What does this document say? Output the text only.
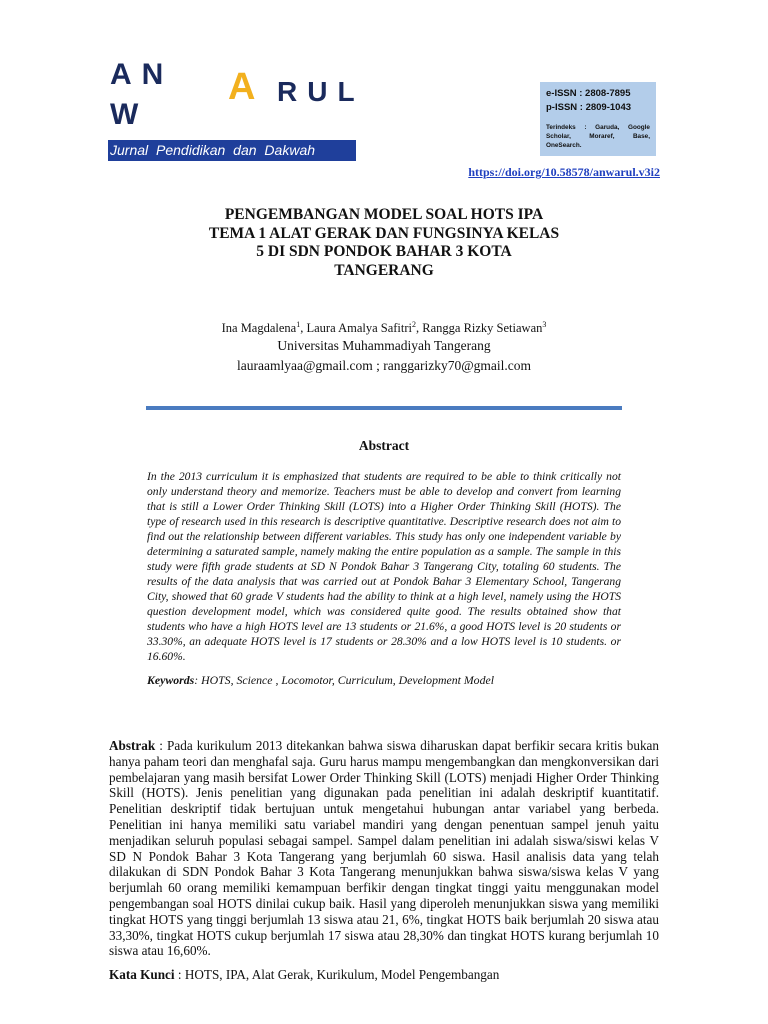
AN
W
A RUL
Jurnal Pendidikan dan Dakwah
e-ISSN : 2808-7895
p-ISSN : 2809-1043
Terindeks : Garuda, Google Scholar, Moraref, Base, OneSearch.
https://doi.org/10.58578/anwarul.v3i2
PENGEMBANGAN MODEL SOAL HOTS IPA
TEMA 1 ALAT GERAK DAN FUNGSINYA KELAS
5 DI SDN PONDOK BAHAR 3 KOTA
TANGERANG
Ina Magdalena$^1$, Laura Amalya Safitri$^2$, Rangga Rizky Setiawan$^3$
Universitas Muhammadiyah Tangerang
lauraamlyaa@gmail.com ; ranggarizky70@gmail.com
Abstract
In the 2013 curriculum it is emphasized that students are required to be able to think critically not only understand theory and memorize. Teachers must be able to develop and convert from learning that is still a Lower Order Thinking Skill (LOTS) into a Higher Order Thinking Skill (HOTS). The type of research used in this research is descriptive quantitative. Descriptive research does not aim to find out the relationship between different variables. This study has only one independent variable by determining a saturated sample, namely making the entire population as a sample. The sample in this study were fifth grade students at SD N Pondok Bahar 3 Tangerang City, totaling 60 students. The results of the data analysis that was carried out at Pondok Bahar 3 Elementary School, Tangerang City, showed that 60 grade V students had the ability to think at a high level, namely using the HOTS question development model, which was considered quite good. The results obtained show that students who have a high HOTS level are 13 students or 21.6%, a good HOTS level is 20 students or 33.30%, an adequate HOTS level is 17 students or 28.30% and a low HOTS level is 10 students. or 16.60%.
Keywords: HOTS, Science , Locomotor, Curriculum, Development Model
Abstrak : Pada kurikulum 2013 ditekankan bahwa siswa diharuskan dapat berfikir secara kritis bukan hanya paham teori dan menghafal saja. Guru harus mampu mengembangkan dan mengkonversikan dari pembelajaran yang masih bersifat Lower Order Thinking Skill (LOTS) menjadi Higher Order Thinking Skill (HOTS). Jenis penelitian yang digunakan pada penelitian ini adalah deskriptif kuantitatif. Penelitian deskriptif tidak bertujuan untuk mengetahui hubungan antar variabel yang berbeda. Penelitian ini hanya memiliki satu variabel mandiri yang dengan penentuan sampel jenuh yaitu menjadikan seluruh populasi sebagai sampel. Sampel dalam penelitian ini adalah siswa/siswi kelas V SD N Pondok Bahar 3 Kota Tangerang yang berjumlah 60 siswa. Hasil analisis data yang telah dilakukan di SDN Pondok Bahar 3 Kota Tangerang menunjukkan bahwa siswa/siswa kelas V yang berjumlah 60 orang memiliki kemampuan berfikir dengan tingkat tinggi yaitu menggunakan model pengembangan soal HOTS dinilai cukup baik. Hasil yang diperoleh menunjukkan siswa yang memiliki tingkat HOTS yang tinggi berjumlah 13 siswa atau 21, 6%, tingkat HOTS baik berjumlah 20 siswa atau 33,30%, tingkat HOTS cukup berjumlah 17 siswa atau 28,30% dan tingkat HOTS kurang berjumlah 10 siswa atau 16,60%.
Kata Kunci : HOTS, IPA, Alat Gerak, Kurikulum, Model Pengembangan
